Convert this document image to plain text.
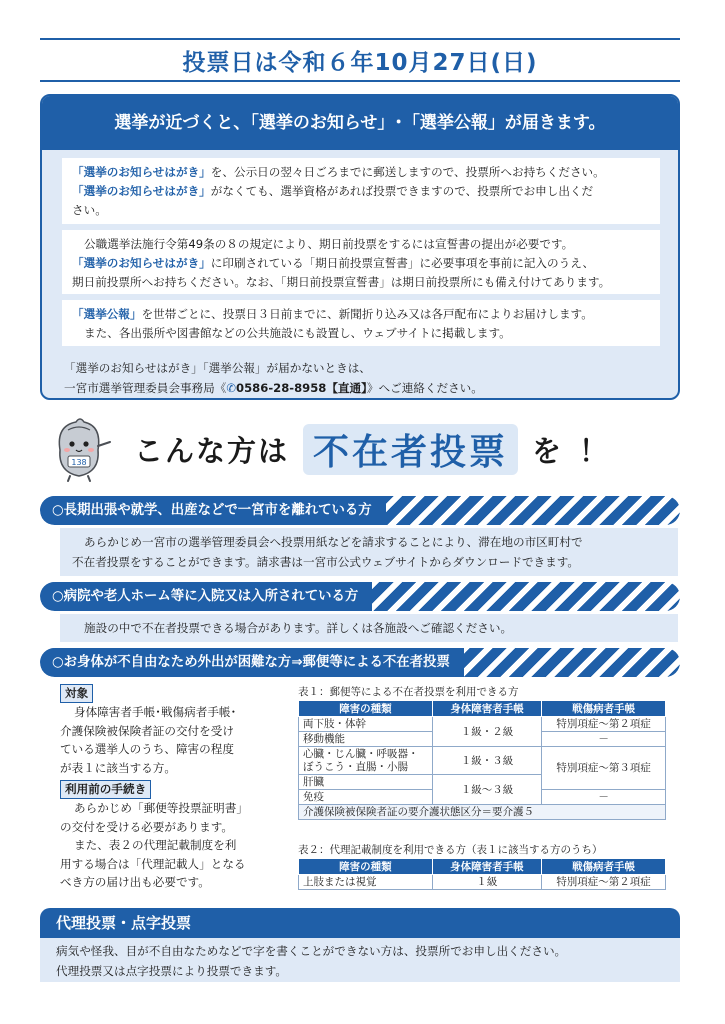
投票日は令和６年10月27日(日)
選挙が近づくと、「選挙のお知らせ」･「選挙公報」が届きます。

「選挙のお知らせはがき」を、公示日の翌々日ごろまでに郵送しますので、投票所へお持ちください。

「選挙のお知らせはがき」がなくても、選挙資格があれば投票できますので、投票所でお申し出くだ

さい。

公職選挙法施行令第49条の８の規定により、期日前投票をするには宣誓書の提出が必要です。

「選挙のお知らせはがき」に印刷されている「期日前投票宣誓書」に必要事項を事前に記入のうえ、

期日前投票所へお持ちください。なお、「期日前投票宣誓書」は期日前投票所にも備え付けてあります。

「選挙公報」を世帯ごとに、投票日３日前までに、新聞折り込み又は各戸配布によりお届けします。

また、各出張所や図書館などの公共施設にも設置し、ウェブサイトに掲載します。

「選挙のお知らせはがき」「選挙公報」が届かないときは、

一宮市選挙管理委員会事務局《✆0586-28-8958【直通】》へご連絡ください。

138 こんな方は 不在者投票 を！
○長期出張や就学、出産などで一宮市を離れている方

あらかじめ一宮市の選挙管理委員会へ投票用紙などを請求することにより、滞在地の市区町村で

不在者投票をすることができます。請求書は一宮市公式ウェブサイトからダウンロードできます。

○病院や老人ホーム等に入院又は入所されている方

施設の中で不在者投票できる場合があります。詳しくは各施設へご確認ください。

○お身体が不自由なため外出が困難な方⇒郵便等による不在者投票
対象

身体障害者手帳･戦傷病者手帳･

介護保険被保険者証の交付を受け

ている選挙人のうち、障害の程度

が表１に該当する方。

利用前の手続き

あらかじめ「郵便等投票証明書」

の交付を受ける必要があります。

また、表２の代理記載制度を利

用する場合は「代理記載人」となる

べき方の届け出も必要です。

表１：郵便等による不在者投票を利用できる方
障害の種類	身体障害者手帳	戦傷病者手帳
両下肢・体幹	１級・２級	特別項症～第２項症
移動機能		－
心臓・じん臓・呼吸器・
ぼうこう・直腸・小腸	１級・３級	特別項症～第３項症
肝臓	１級～３級	
免疫		－
介護保険被保険者証の要介護状態区分＝要介護５		
表２：代理記載制度を利用できる方（表１に該当する方のうち）
障害の種類	身体障害者手帳	戦傷病者手帳
上肢または視覚	１級	特別項症～第２項症
代理投票・点字投票

病気や怪我、目が不自由なためなどで字を書くことができない方は、投票所でお申し出ください。

代理投票又は点字投票により投票できます。
